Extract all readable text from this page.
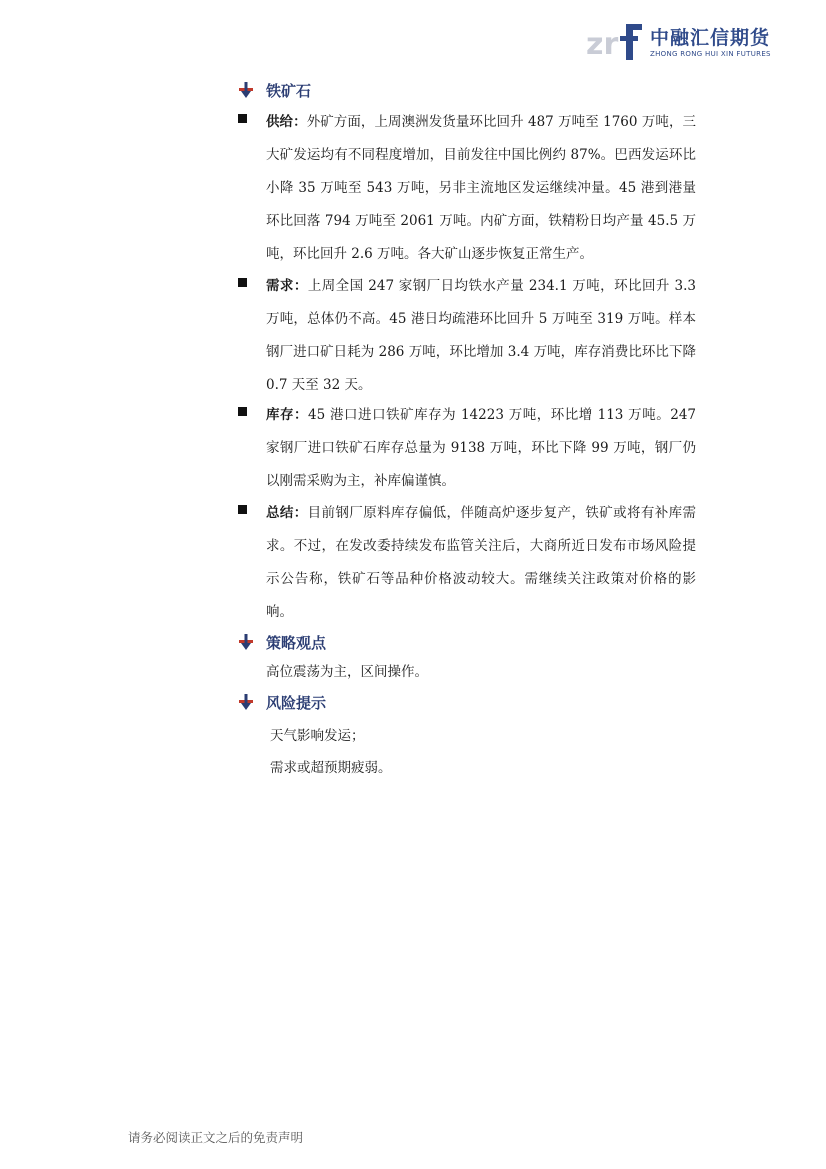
zr 中融汇信期货
ZHONG RONG HUI XIN FUTURES
铁矿石
供给：外矿方面，上周澳洲发货量环比回升 487 万吨至 1760 万吨，三大矿发运均有不同程度增加，目前发往中国比例约 87%。巴西发运环比小降 35 万吨至 543 万吨，另非主流地区发运继续冲量。45 港到港量环比回落 794 万吨至 2061 万吨。内矿方面，铁精粉日均产量 45.5 万吨，环比回升 2.6 万吨。各大矿山逐步恢复正常生产。
需求：上周全国 247 家钢厂日均铁水产量 234.1 万吨，环比回升 3.3 万吨，总体仍不高。45 港日均疏港环比回升 5 万吨至 319 万吨。样本钢厂进口矿日耗为 286 万吨，环比增加 3.4 万吨，库存消费比环比下降 0.7 天至 32 天。
库存：45 港口进口铁矿库存为 14223 万吨，环比增 113 万吨。247 家钢厂进口铁矿石库存总量为 9138 万吨，环比下降 99 万吨，钢厂仍以刚需采购为主，补库偏谨慎。
总结：目前钢厂原料库存偏低，伴随高炉逐步复产，铁矿或将有补库需求。不过，在发改委持续发布监管关注后，大商所近日发布市场风险提示公告称，铁矿石等品种价格波动较大。需继续关注政策对价格的影响。
策略观点
高位震荡为主，区间操作。
风险提示
天气影响发运；
需求或超预期疲弱。
请务必阅读正文之后的免责声明
